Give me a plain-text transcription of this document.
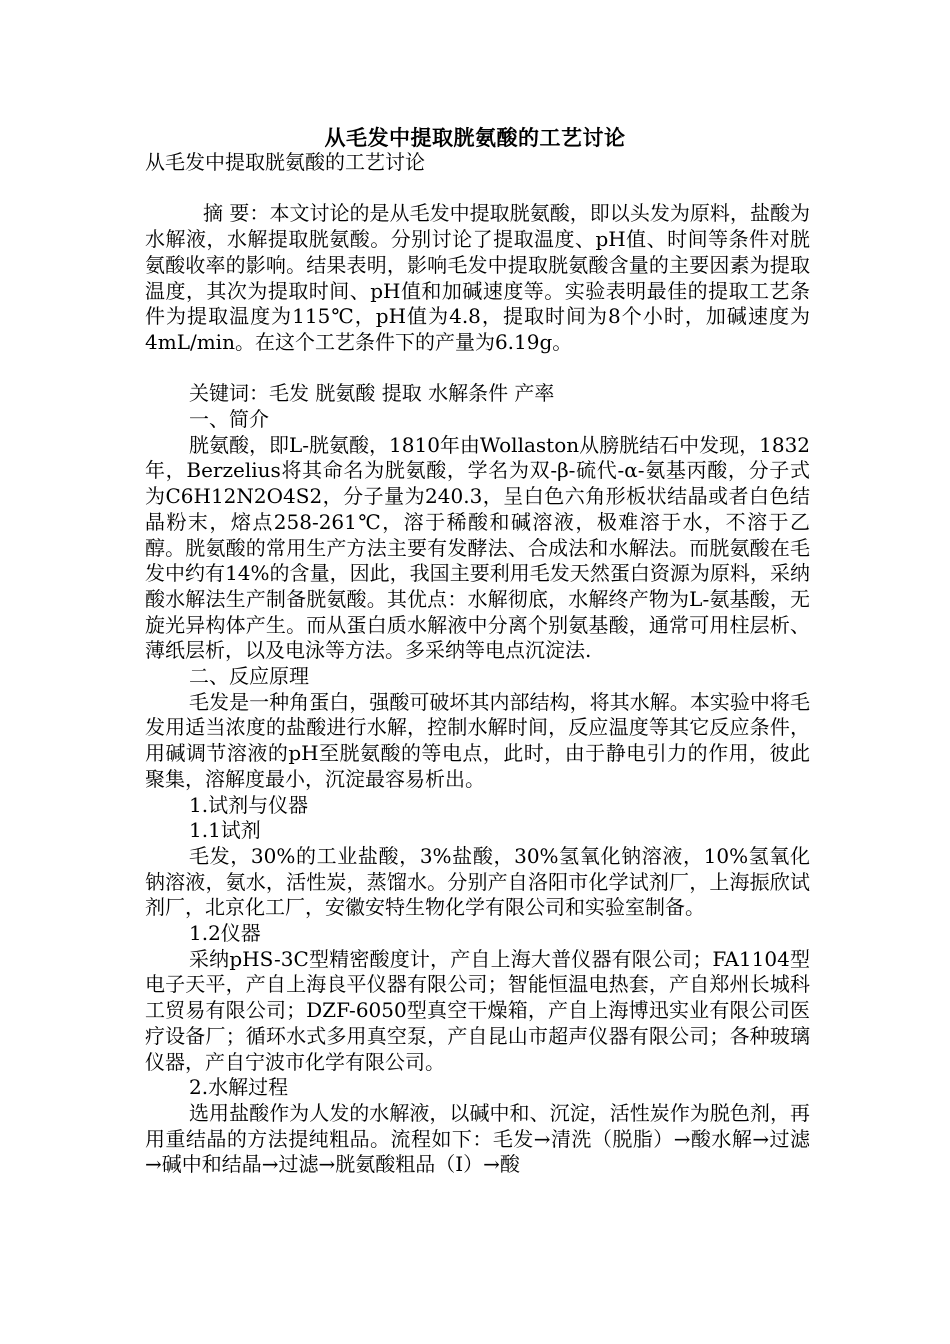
从毛发中提取胱氨酸的工艺讨论

从毛发中提取胱氨酸的工艺讨论

摘 要：本文讨论的是从毛发中提取胱氨酸，即以头发为原料，盐酸为水解液，水解提取胱氨酸。分别讨论了提取温度、pH值、时间等条件对胱氨酸收率的影响。结果表明，影响毛发中提取胱氨酸含量的主要因素为提取温度，其次为提取时间、pH值和加碱速度等。实验表明最佳的提取工艺条件为提取温度为115℃，pH值为4.8，提取时间为8个小时，加碱速度为4mL/min。在这个工艺条件下的产量为6.19g。

关键词：毛发 胱氨酸 提取 水解条件 产率

一、简介

胱氨酸，即L-胱氨酸，1810年由Wollaston从膀胱结石中发现，1832年，Berzelius将其命名为胱氨酸，学名为双-β-硫代-α-氨基丙酸，分子式为C6H12N2O4S2，分子量为240.3，呈白色六角形板状结晶或者白色结晶粉末，熔点258-261℃，溶于稀酸和碱溶液，极难溶于水，不溶于乙醇。胱氨酸的常用生产方法主要有发酵法、合成法和水解法。而胱氨酸在毛发中约有14%的含量，因此，我国主要利用毛发天然蛋白资源为原料，采纳酸水解法生产制备胱氨酸。其优点：水解彻底，水解终产物为L-氨基酸，无旋光异构体产生。而从蛋白质水解液中分离个别氨基酸，通常可用柱层析、薄纸层析，以及电泳等方法。多采纳等电点沉淀法.

二、反应原理

毛发是一种角蛋白，强酸可破坏其内部结构，将其水解。本实验中将毛发用适当浓度的盐酸进行水解，控制水解时间，反应温度等其它反应条件，用碱调节溶液的pH至胱氨酸的等电点，此时，由于静电引力的作用，彼此聚集，溶解度最小，沉淀最容易析出。

1.试剂与仪器

1.1试剂

毛发，30%的工业盐酸，3%盐酸，30%氢氧化钠溶液，10%氢氧化钠溶液，氨水，活性炭，蒸馏水。分别产自洛阳市化学试剂厂，上海振欣试剂厂，北京化工厂，安徽安特生物化学有限公司和实验室制备。

1.2仪器

采纳pHS-3C型精密酸度计，产自上海大普仪器有限公司；FA1104型电子天平，产自上海良平仪器有限公司；智能恒温电热套，产自郑州长城科工贸易有限公司；DZF-6050型真空干燥箱，产自上海博迅实业有限公司医疗设备厂；循环水式多用真空泵，产自昆山市超声仪器有限公司；各种玻璃仪器，产自宁波市化学有限公司。

2.水解过程

选用盐酸作为人发的水解液，以碱中和、沉淀，活性炭作为脱色剂，再用重结晶的方法提纯粗品。流程如下：毛发→清洗（脱脂）→酸水解→过滤→碱中和结晶→过滤→胱氨酸粗品（Ⅰ）→酸
